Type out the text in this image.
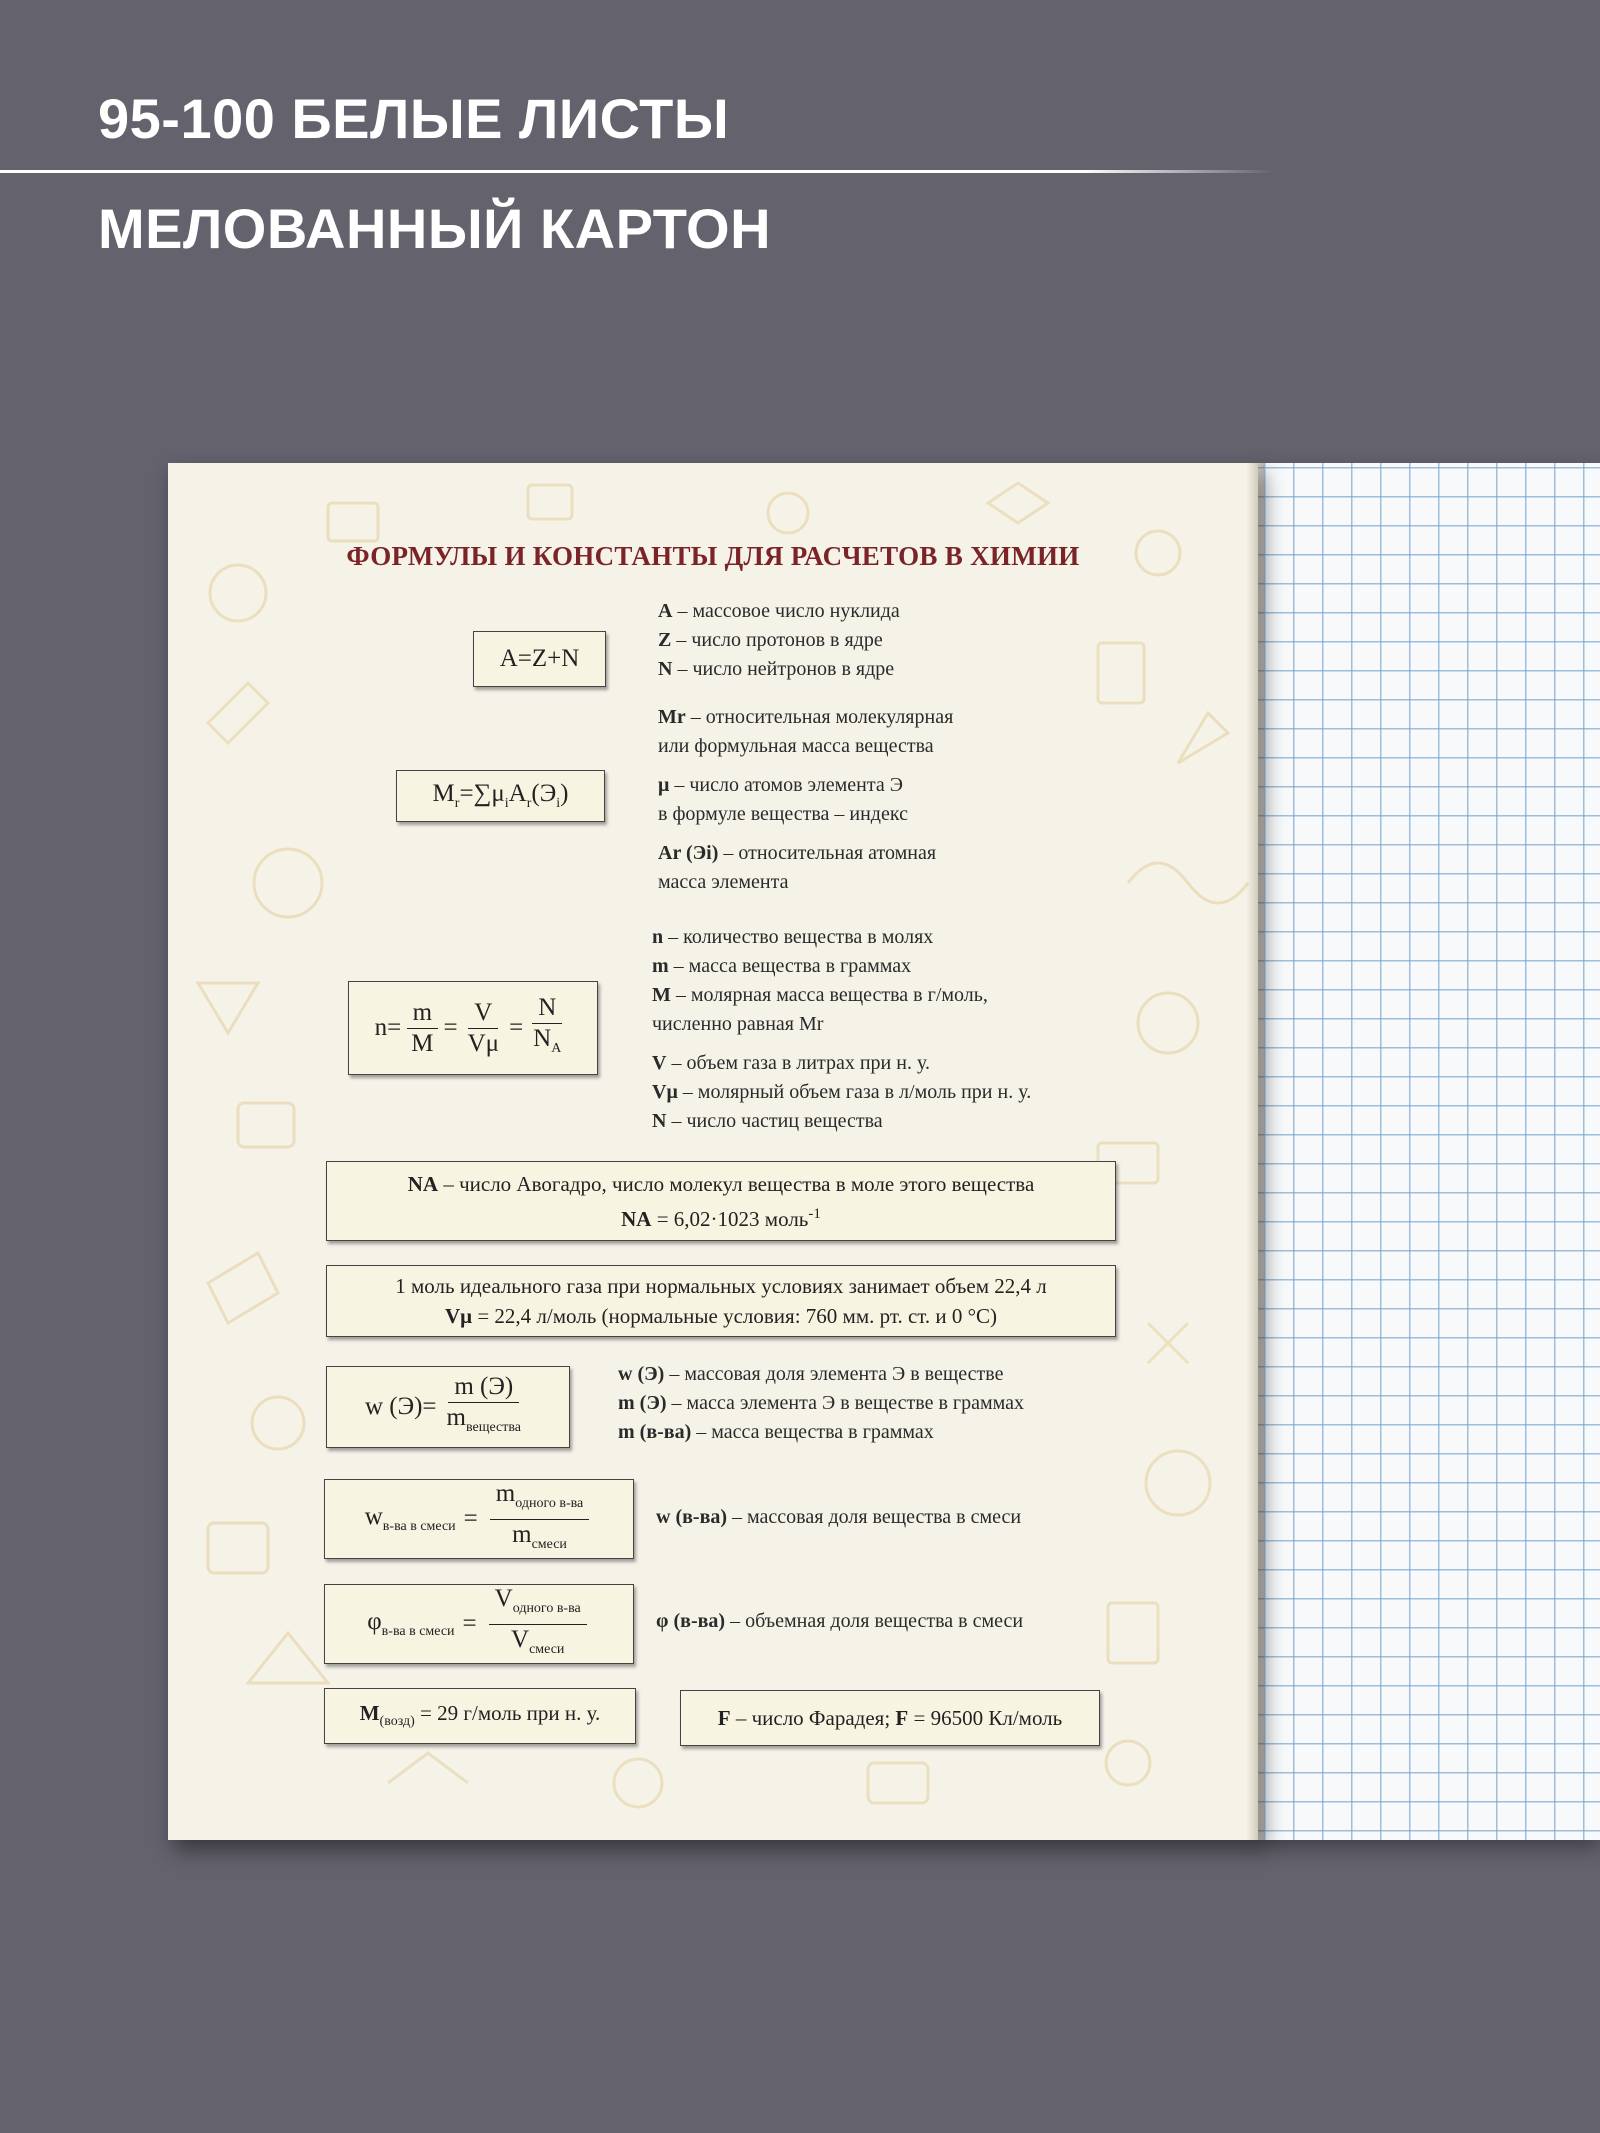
95-100 БЕЛЫЕ ЛИСТЫ

МЕЛОВАННЫЙ КАРТОН

ФОРМУЛЫ И КОНСТАНТЫ ДЛЯ РАСЧЕТОВ В ХИМИИ
A=Z+N
A – массовое число нуклида
Z – число протонов в ядре
N – число нейтронов в ядре
$M_r=\sum\mu_iA_r(Э_i)$
Mr – относительная молекулярная
или формульная масса вещества
μ – число атомов элемента Э
в формуле вещества – индекс
Ar (Эi) – относительная атомная
масса элемента
$n= \frac{m}{M} = \frac{V}{V\mu} = \frac{N}{N_A}$
n – количество вещества в молях
m – масса вещества в граммах
M – молярная масса вещества в г/моль,
численно равная Mr
V – объем газа в литрах при н. у.
Vμ – молярный объем газа в л/моль при н. у.
N – число частиц вещества
NA – число Авогадро, число молекул вещества в моле этого вещества
NA = 6,02·1023 моль$^{-1}$
1 моль идеального газа при нормальных условиях занимает объем 22,4 л
Vμ = 22,4 л/моль (нормальные условия: 760 мм. рт. ст. и 0 °С)
w $(Э)= \frac{m (Э)}{m_{вещества}}$	w (Э) – массовая доля элемента Э в веществе
m (Э) – масса элемента Э в веществе в граммах
m (в-ва) – масса вещества в граммах
$w_{в-ва в смеси} = \frac{m_{одного в-ва}}{m_{смеси}}$	w (в-ва) – массовая доля вещества в смеси
$\varphi_{в-ва в смеси} = \frac{V_{одного в-ва}}{V_{смеси}}$	φ (в-ва) – объемная доля вещества в смеси
$M_{(возд)} = 29$ г/моль при н. у.	F – число Фарадея; F = 96500 Кл/моль
